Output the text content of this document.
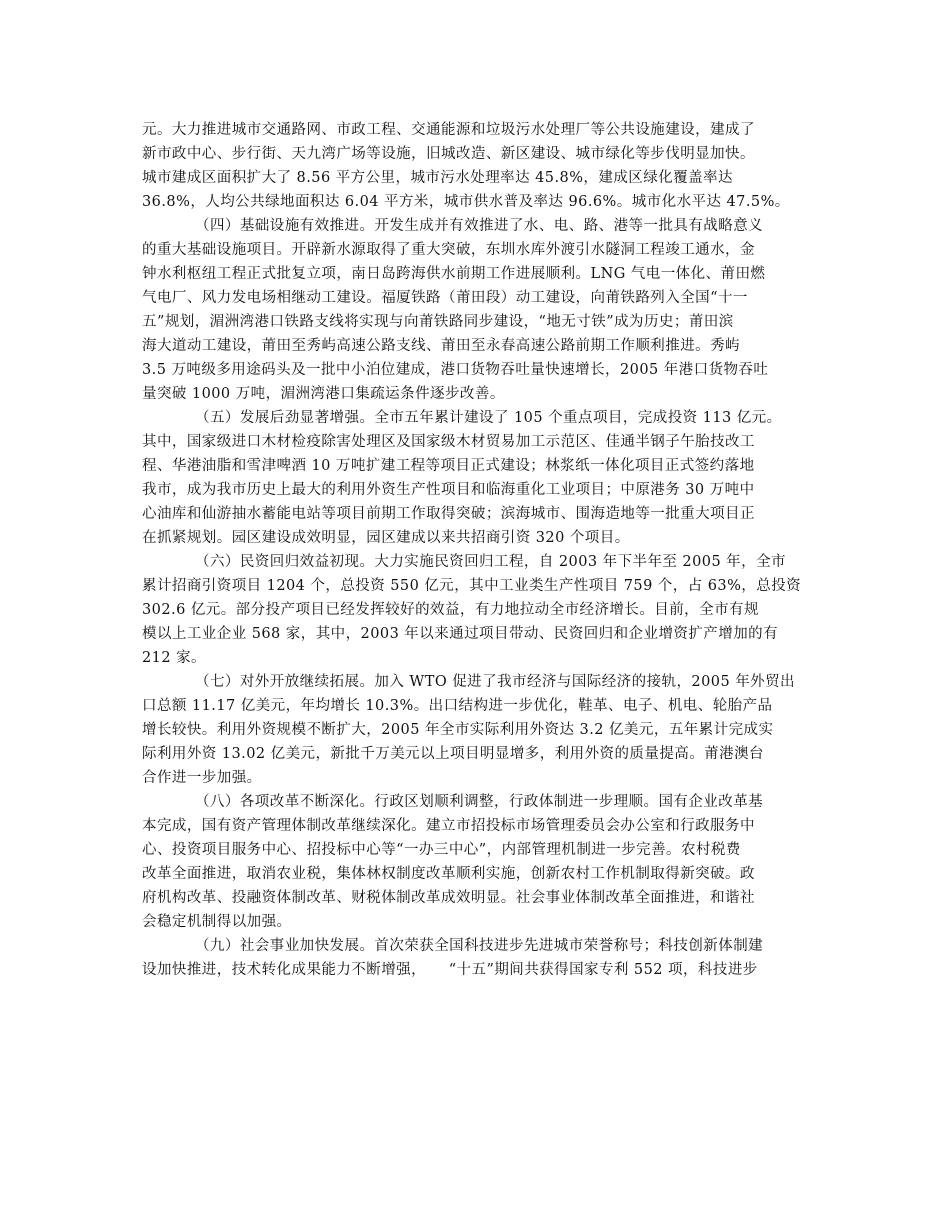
元。大力推进城市交通路网、市政工程、交通能源和垃圾污水处理厂等公共设施建设，建成了
新市政中心、步行街、天九湾广场等设施，旧城改造、新区建设、城市绿化等步伐明显加快。
城市建成区面积扩大了 8.56 平方公里，城市污水处理率达 45.8%，建成区绿化覆盖率达
36.8%，人均公共绿地面积达 6.04 平方米，城市供水普及率达 96.6%。城市化水平达 47.5%。
（四）基础设施有效推进。开发生成并有效推进了水、电、路、港等一批具有战略意义
的重大基础设施项目。开辟新水源取得了重大突破，东圳水库外渡引水隧洞工程竣工通水，金
钟水利枢纽工程正式批复立项，南日岛跨海供水前期工作进展顺利。LNG 气电一体化、莆田燃
气电厂、风力发电场相继动工建设。福厦铁路（莆田段）动工建设，向莆铁路列入全国“十一
五”规划，湄洲湾港口铁路支线将实现与向莆铁路同步建设，“地无寸铁”成为历史；莆田滨
海大道动工建设，莆田至秀屿高速公路支线、莆田至永春高速公路前期工作顺利推进。秀屿
3.5 万吨级多用途码头及一批中小泊位建成，港口货物吞吐量快速增长，2005 年港口货物吞吐
量突破 1000 万吨，湄洲湾港口集疏运条件逐步改善。
（五）发展后劲显著增强。全市五年累计建设了 105 个重点项目，完成投资 113 亿元。
其中，国家级进口木材检疫除害处理区及国家级木材贸易加工示范区、佳通半钢子午胎技改工
程、华港油脂和雪津啤酒 10 万吨扩建工程等项目正式建设；林浆纸一体化项目正式签约落地
我市，成为我市历史上最大的利用外资生产性项目和临海重化工业项目；中原港务 30 万吨中
心油库和仙游抽水蓄能电站等项目前期工作取得突破；滨海城市、围海造地等一批重大项目正
在抓紧规划。园区建设成效明显，园区建成以来共招商引资 320 个项目。
（六）民资回归效益初现。大力实施民资回归工程，自 2003 年下半年至 2005 年，全市
累计招商引资项目 1204 个，总投资 550 亿元，其中工业类生产性项目 759 个，占 63%，总投资
302.6 亿元。部分投产项目已经发挥较好的效益，有力地拉动全市经济增长。目前，全市有规
模以上工业企业 568 家，其中，2003 年以来通过项目带动、民资回归和企业增资扩产增加的有
212 家。
（七）对外开放继续拓展。加入 WTO 促进了我市经济与国际经济的接轨，2005 年外贸出
口总额 11.17 亿美元，年均增长 10.3%。出口结构进一步优化，鞋革、电子、机电、轮胎产品
增长较快。利用外资规模不断扩大，2005 年全市实际利用外资达 3.2 亿美元，五年累计完成实
际利用外资 13.02 亿美元，新批千万美元以上项目明显增多，利用外资的质量提高。莆港澳台
合作进一步加强。
（八）各项改革不断深化。行政区划顺利调整，行政体制进一步理顺。国有企业改革基
本完成，国有资产管理体制改革继续深化。建立市招投标市场管理委员会办公室和行政服务中
心、投资项目服务中心、招投标中心等“一办三中心”，内部管理机制进一步完善。农村税费
改革全面推进，取消农业税，集体林权制度改革顺利实施，创新农村工作机制取得新突破。政
府机构改革、投融资体制改革、财税体制改革成效明显。社会事业体制改革全面推进，和谐社
会稳定机制得以加强。
（九）社会事业加快发展。首次荣获全国科技进步先进城市荣誉称号；科技创新体制建
设加快推进，技术转化成果能力不断增强，　　“十五”期间共获得国家专利 552 项，科技进步
